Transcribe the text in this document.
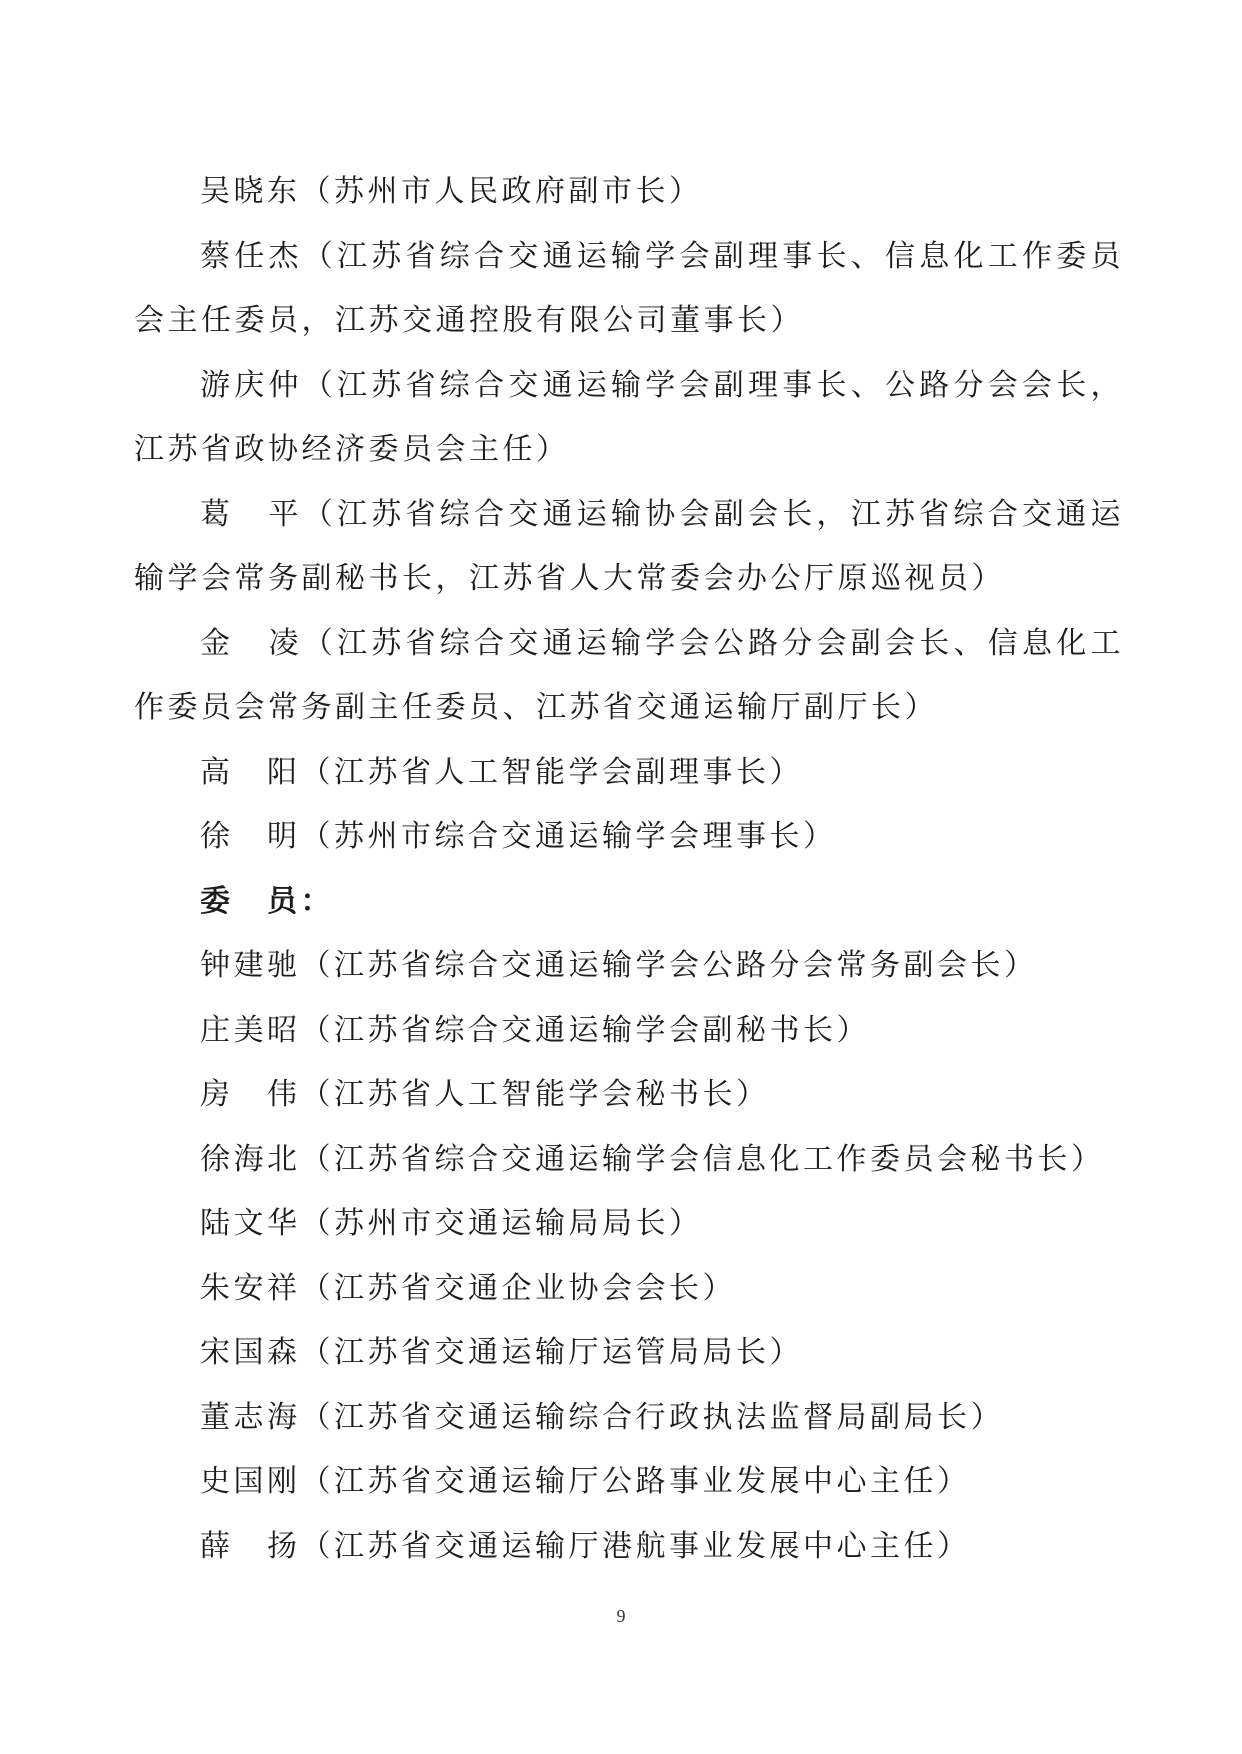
吴晓东（苏州市人民政府副市长）

蔡任杰（江苏省综合交通运输学会副理事长、信息化工作委员会主任委员，江苏交通控股有限公司董事长）

游庆仲（江苏省综合交通运输学会副理事长、公路分会会长，江苏省政协经济委员会主任）

葛　平（江苏省综合交通运输协会副会长，江苏省综合交通运输学会常务副秘书长，江苏省人大常委会办公厅原巡视员）

金　凌（江苏省综合交通运输学会公路分会副会长、信息化工作委员会常务副主任委员、江苏省交通运输厅副厅长）

高　阳（江苏省人工智能学会副理事长）

徐　明（苏州市综合交通运输学会理事长）

委　员：

钟建驰（江苏省综合交通运输学会公路分会常务副会长）

庄美昭（江苏省综合交通运输学会副秘书长）

房　伟（江苏省人工智能学会秘书长）

徐海北（江苏省综合交通运输学会信息化工作委员会秘书长）

陆文华（苏州市交通运输局局长）

朱安祥（江苏省交通企业协会会长）

宋国森（江苏省交通运输厅运管局局长）

董志海（江苏省交通运输综合行政执法监督局副局长）

史国刚（江苏省交通运输厅公路事业发展中心主任）

薛　扬（江苏省交通运输厅港航事业发展中心主任）

9
